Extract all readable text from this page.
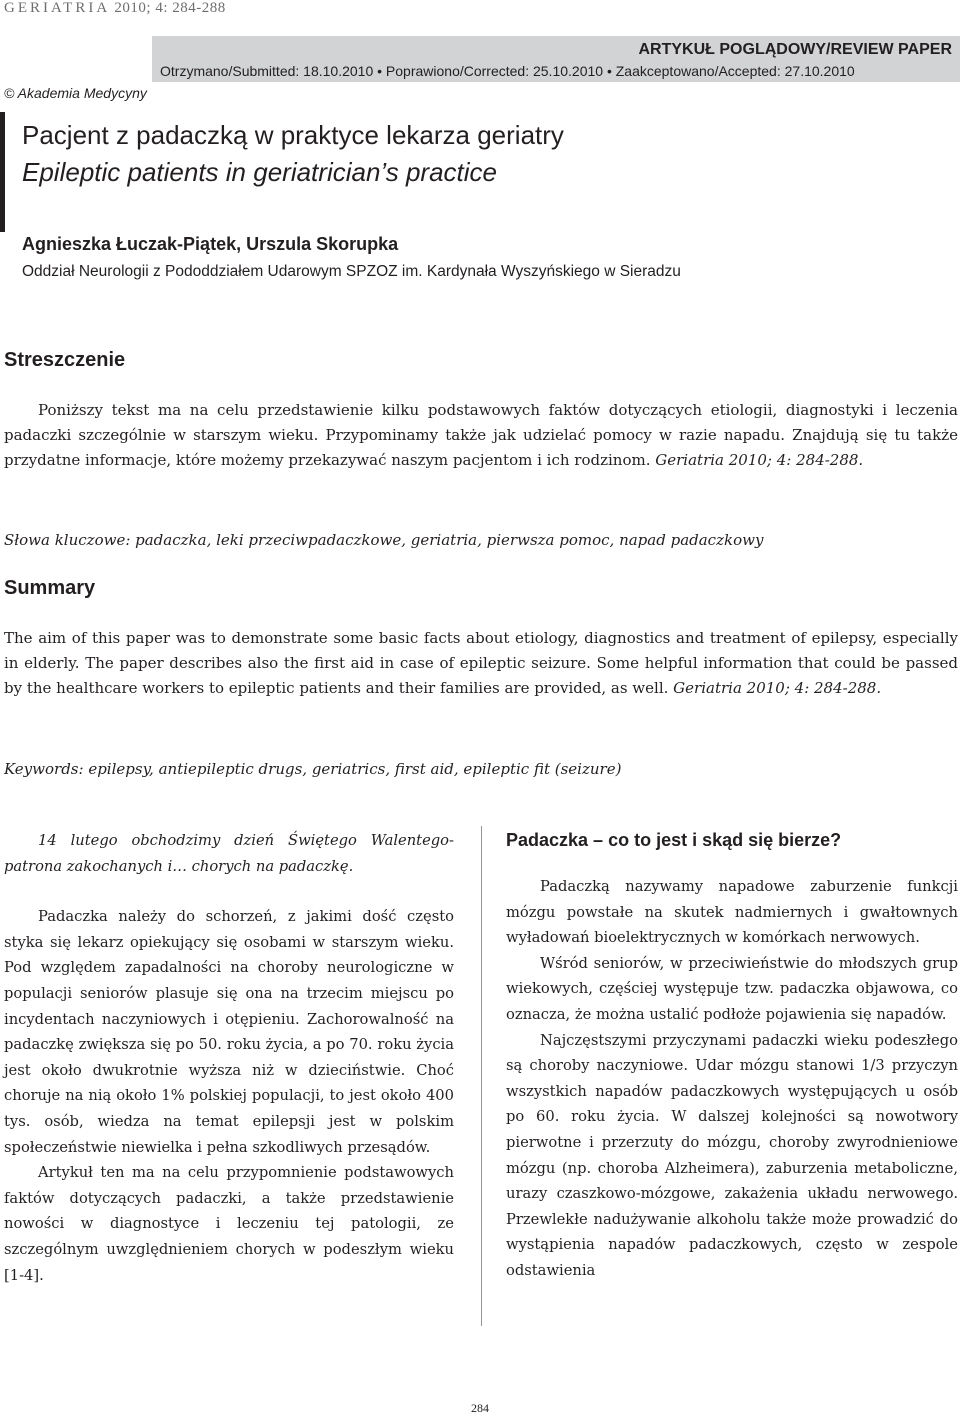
GERIATRIA 2010; 4: 284-288
ARTYKUŁ POGLĄDOWY/REVIEW PAPER
Otrzymano/Submitted: 18.10.2010 • Poprawiono/Corrected: 25.10.2010 • Zaakceptowano/Accepted: 27.10.2010
© Akademia Medycyny
Pacjent z padaczką w praktyce lekarza geriatry
Epileptic patients in geriatrician’s practice
Agnieszka Łuczak-Piątek, Urszula Skorupka
Oddział Neurologii z Pododdziałem Udarowym SPZOZ im. Kardynała Wyszyńskiego w Sieradzu
Streszczenie

Poniższy tekst ma na celu przedstawienie kilku podstawowych faktów dotyczących etiologii, diagnostyki i leczenia padaczki szczególnie w starszym wieku. Przypominamy także jak udzielać pomocy w razie napadu. Znajdują się tu także przydatne informacje, które możemy przekazywać naszym pacjentom i ich rodzinom. Geriatria 2010; 4: 284-288.

Słowa kluczowe: padaczka, leki przeciwpadaczkowe, geriatria, pierwsza pomoc, napad padaczkowy

Summary

The aim of this paper was to demonstrate some basic facts about etiology, diagnostics and treatment of epilepsy, especially in elderly. The paper describes also the first aid in case of epileptic seizure. Some helpful information that could be passed by the healthcare workers to epileptic patients and their families are provided, as well. Geriatria 2010; 4: 284-288.

Keywords: epilepsy, antiepileptic drugs, geriatrics, first aid, epileptic fit (seizure)

14 lutego obchodzimy dzień Świętego Walentego-patrona zakochanych i… chorych na padaczkę.

Padaczka należy do schorzeń, z jakimi dość często styka się lekarz opiekujący się osobami w starszym wieku. Pod względem zapadalności na choroby neurologiczne w populacji seniorów plasuje się ona na trzecim miejscu po incydentach naczyniowych i otępieniu. Zachorowalność na padaczkę zwiększa się po 50. roku życia, a po 70. roku życia jest około dwukrotnie wyższa niż w dzieciństwie. Choć choruje na nią około 1% polskiej populacji, to jest około 400 tys. osób, wiedza na temat epilepsji jest w polskim społeczeństwie niewielka i pełna szkodliwych przesądów.

Artykuł ten ma na celu przypomnienie podstawowych faktów dotyczących padaczki, a także przedstawienie nowości w diagnostyce i leczeniu tej patologii, ze szczególnym uwzględnieniem chorych w podeszłym wieku [1-4].

Padaczka – co to jest i skąd się bierze?

Padaczką nazywamy napadowe zaburzenie funkcji mózgu powstałe na skutek nadmiernych i gwałtownych wyładowań bioelektrycznych w komórkach nerwowych.

Wśród seniorów, w przeciwieństwie do młodszych grup wiekowych, częściej występuje tzw. padaczka objawowa, co oznacza, że można ustalić podłoże pojawienia się napadów.

Najczęstszymi przyczynami padaczki wieku podeszłego są choroby naczyniowe. Udar mózgu stanowi 1/3 przyczyn wszystkich napadów padaczkowych występujących u osób po 60. roku życia. W dalszej kolejności są nowotwory pierwotne i przerzuty do mózgu, choroby zwyrodnieniowe mózgu (np. choroba Alzheimera), zaburzenia metaboliczne, urazy czaszkowo-mózgowe, zakażenia układu nerwowego. Przewlekłe nadużywanie alkoholu także może prowadzić do wystąpienia napadów padaczkowych, często w zespole odstawienia

284
